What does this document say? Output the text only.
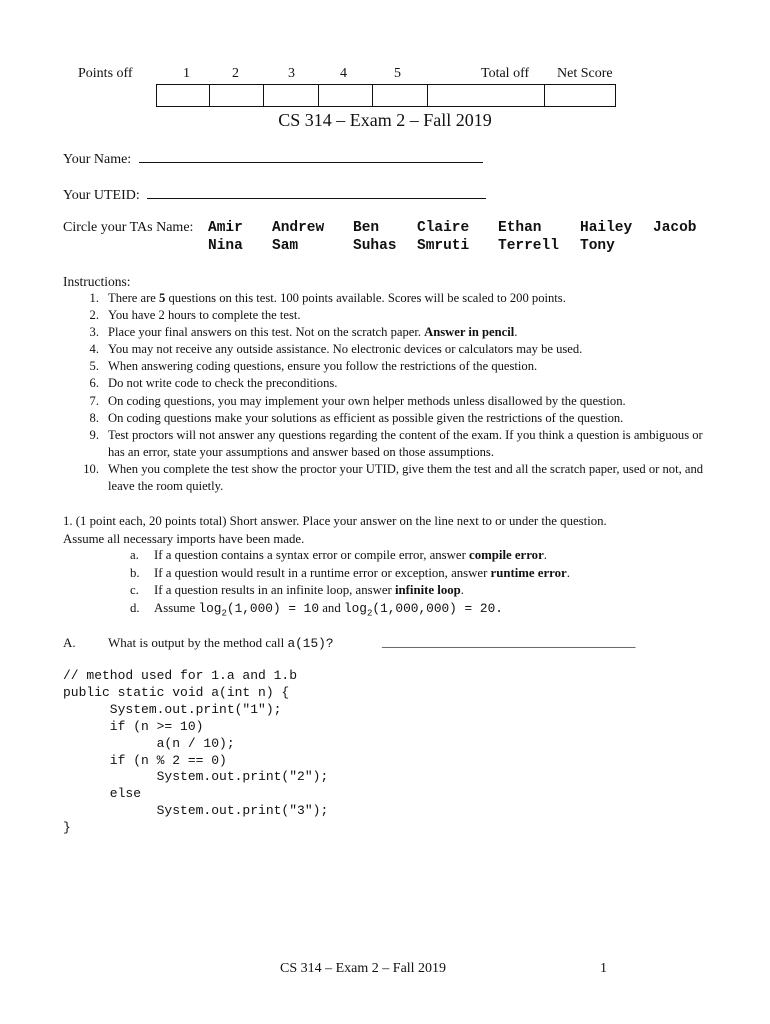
Points off	1	2	3	4	5	Total off Net Score
CS 314 – Exam 2 – Fall 2019
Your Name:
Your UTEID:
Circle your TAs Name: Amir Andrew Ben	Claire Ethan	Hailey Jacob
Nina Sam	Suhas Smruti Terrell Tony
Instructions:
1. There are 5 questions on this test. 100 points available. Scores will be scaled to 200 points.
2. You have 2 hours to complete the test.
3. Place your final answers on this test. Not on the scratch paper. Answer in pencil.
4. You may not receive any outside assistance. No electronic devices or calculators may be used.
5. When answering coding questions, ensure you follow the restrictions of the question.
6. Do not write code to check the preconditions.
7. On coding questions, you may implement your own helper methods unless disallowed by the question.
8. On coding questions make your solutions as efficient as possible given the restrictions of the question.
9. Test proctors will not answer any questions regarding the content of the exam. If you think a question is ambiguous or has an error, state your assumptions and answer based on those assumptions.
10. When you complete the test show the proctor your UTID, give them the test and all the scratch paper, used or not, and leave the room quietly.
1. (1 point each, 20 points total) Short answer. Place your answer on the line next to or under the question.
Assume all necessary imports have been made.
a. If a question contains a syntax error or compile error, answer compile error.
b. If a question would result in a runtime error or exception, answer runtime error.
c. If a question results in an infinite loop, answer infinite loop.
d. Assume $\log_2(1,000) = 10$ and $\log_2(1,000,000) = 20$.
A. What is output by the method call a(15)?	_______________________________________
// method used for 1.a and 1.b
public static void a(int n) {
System.out.print("1");
if (n >= 10)
a(n / 10);
if (n % 2 == 0)
System.out.print("2");
else
System.out.print("3");
}
CS 314 – Exam 2 – Fall 2019	1
